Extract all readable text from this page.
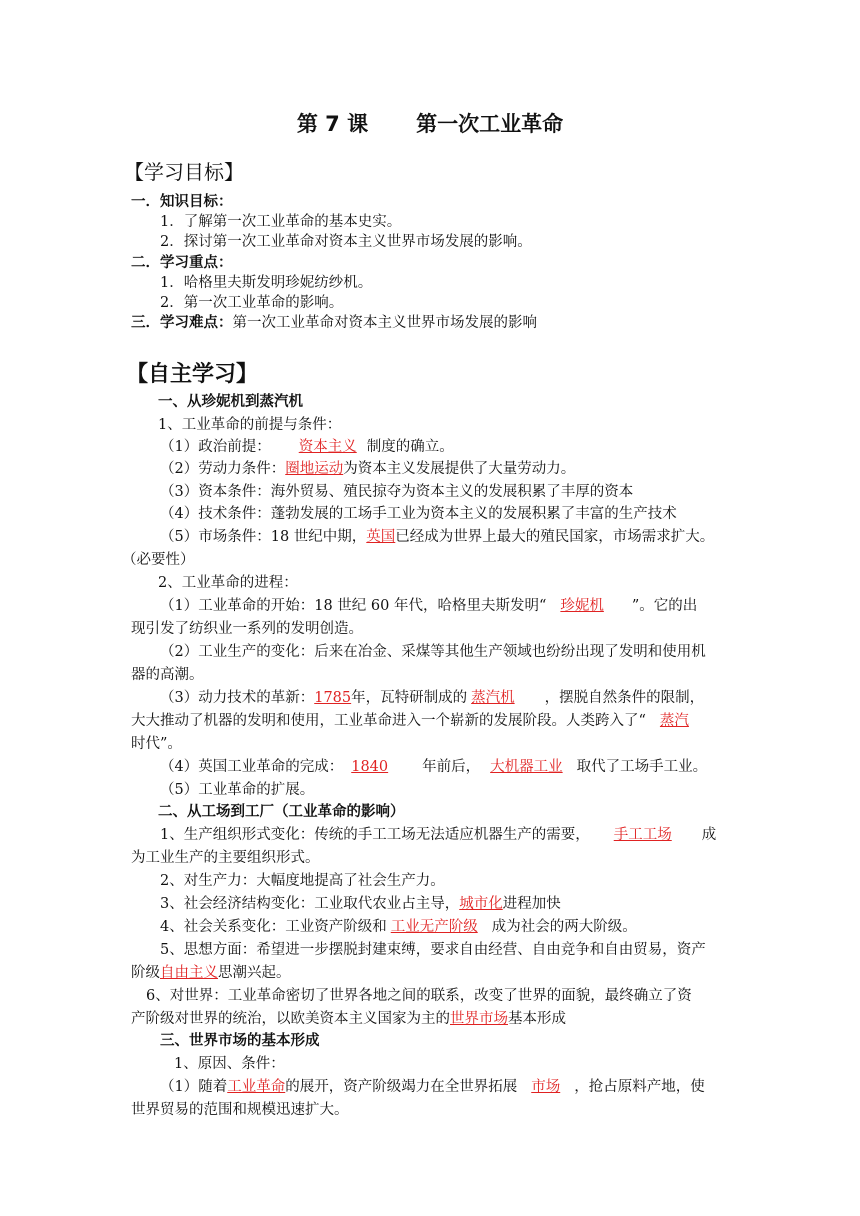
第 7 课 第一次工业革命
【学习目标】
一．知识目标：
1．了解第一次工业革命的基本史实。
2．探讨第一次工业革命对资本主义世界市场发展的影响。
二．学习重点：
1．哈格里夫斯发明珍妮纺纱机。
2．第一次工业革命的影响。
三．学习难点：第一次工业革命对资本主义世界市场发展的影响
【自主学习】
一、从珍妮机到蒸汽机
1、工业革命的前提与条件：
（1）政治前提： 资本主义 制度的确立。
（2）劳动力条件：圈地运动为资本主义发展提供了大量劳动力。
（3）资本条件：海外贸易、殖民掠夺为资本主义的发展积累了丰厚的资本
（4）技术条件：蓬勃发展的工场手工业为资本主义的发展积累了丰富的生产技术
（5）市场条件：18 世纪中期，英国已经成为世界上最大的殖民国家，市场需求扩大。
（必要性）
2、工业革命的进程：
（1）工业革命的开始：18 世纪 60 年代，哈格里夫斯发明“ 珍妮机 ”。它的出
现引发了纺织业一系列的发明创造。
（2）工业生产的变化：后来在冶金、采煤等其他生产领域也纷纷出现了发明和使用机
器的高潮。
（3）动力技术的革新：1785年，瓦特研制成的 蒸汽机 ，摆脱自然条件的限制，
大大推动了机器的发明和使用，工业革命进入一个崭新的发展阶段。人类跨入了“ 蒸汽
时代”。
（4）英国工业革命的完成： 1840 年前后， 大机器工业 取代了工场手工业。
（5）工业革命的扩展。
二、从工场到工厂（工业革命的影响）
1、生产组织形式变化：传统的手工工场无法适应机器生产的需要， 手工工场 成
为工业生产的主要组织形式。
2、对生产力：大幅度地提高了社会生产力。
3、社会经济结构变化：工业取代农业占主导，城市化进程加快
4、社会关系变化：工业资产阶级和 工业无产阶级 成为社会的两大阶级。
5、思想方面：希望进一步摆脱封建束缚，要求自由经营、自由竞争和自由贸易，资产
阶级自由主义思潮兴起。
6、对世界：工业革命密切了世界各地之间的联系，改变了世界的面貌，最终确立了资
产阶级对世界的统治，以欧美资本主义国家为主的世界市场基本形成
三、世界市场的基本形成
1、原因、条件：
（1）随着工业革命的展开，资产阶级竭力在全世界拓展 市场 ，抢占原料产地，使
世界贸易的范围和规模迅速扩大。
